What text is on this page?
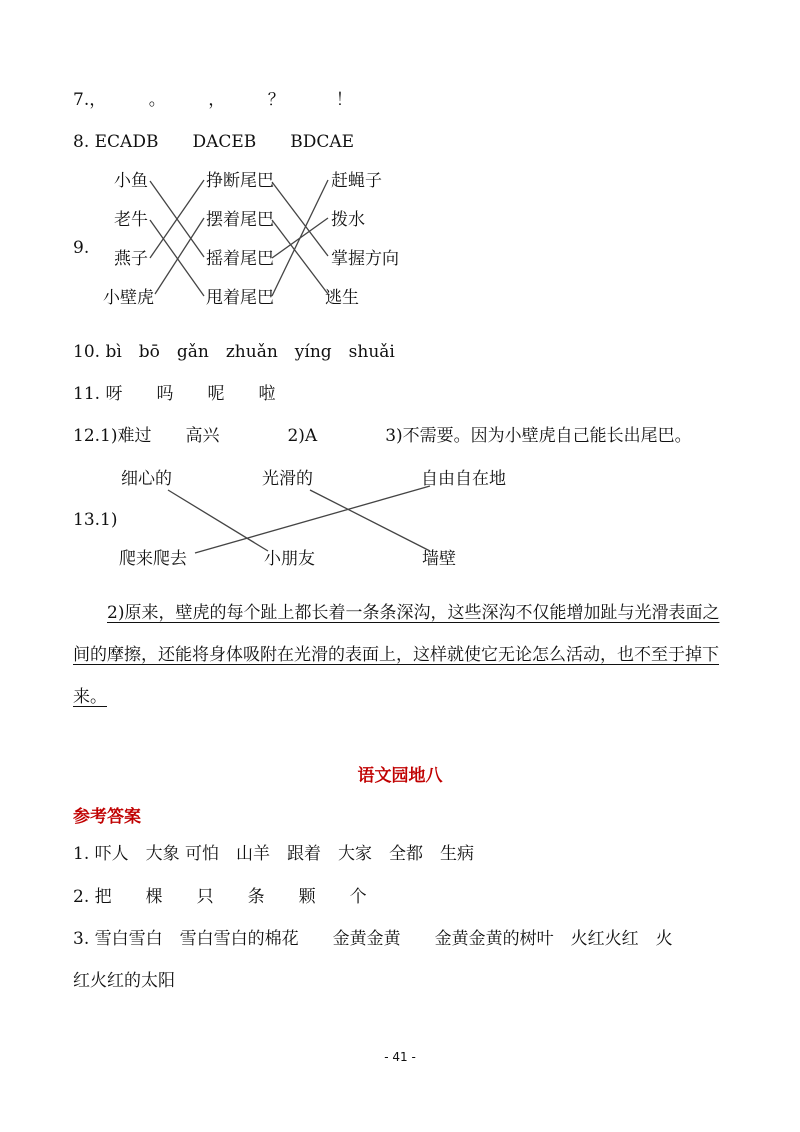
7.，　　　。　　　，　　　？　　　！
8. ECADB　　DACEB　　BDCAE
9.
小鱼
老牛
燕子
小壁虎
挣断尾巴
摆着尾巴
摇着尾巴
甩着尾巴
赶蝇子
拨水
掌握方向
逃生
10. bì　bō　gǎn　zhuǎn　yíng　shuǎi
11. 呀　　吗　　呢　　啦
12.1)难过　　高兴　　　　2)A　　　　3)不需要。因为小壁虎自己能长出尾巴。
13.1)
细心的	光滑的	自由自在地
爬来爬去	小朋友	墙壁
2)原来，壁虎的每个趾上都长着一条条深沟，这些深沟不仅能增加趾与光滑表面之间的摩擦，还能将身体吸附在光滑的表面上，这样就使它无论怎么活动，也不至于掉下来。
语文园地八
参考答案
1. 吓人　大象 可怕　山羊　跟着　大家　全都　生病
2. 把　　棵　　只　　条　　颗　　个
3. 雪白雪白　雪白雪白的棉花　　金黄金黄　　金黄金黄的树叶　火红火红　火
红火红的太阳
- 41 -
